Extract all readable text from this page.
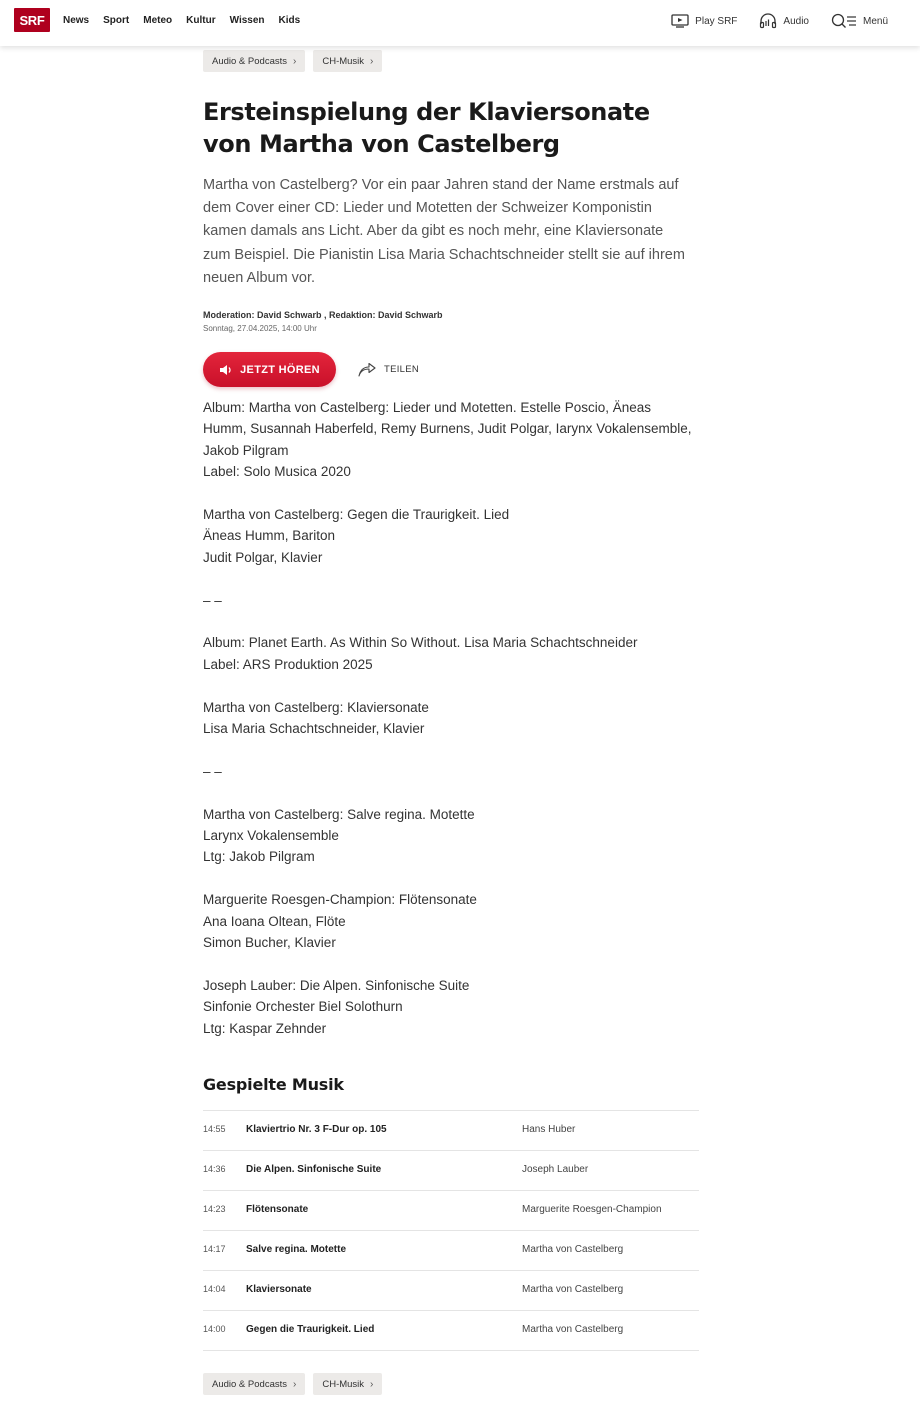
SRF	News Sport Meteo Kultur Wissen Kids	Play SRF	Audio	Menü
Audio & Podcasts ›	CH-Musik ›
Ersteinspielung der Klaviersonate von Martha von Castelberg

Martha von Castelberg? Vor ein paar Jahren stand der Name erstmals auf dem Cover einer CD: Lieder und Motetten der Schweizer Komponistin kamen damals ans Licht. Aber da gibt es noch mehr, eine Klaviersonate zum Beispiel. Die Pianistin Lisa Maria Schachtschneider stellt sie auf ihrem neuen Album vor.

Moderation: David Schwarb , Redaktion: David Schwarb
Sonntag, 27.04.2025, 14:00 Uhr
JETZT HÖREN	TEILEN

Album: Martha von Castelberg: Lieder und Motetten. Estelle Poscio, Äneas Humm, Susannah Haberfeld, Remy Burnens, Judit Polgar, Iarynx Vokalensemble, Jakob Pilgram
Label: Solo Musica 2020

Martha von Castelberg: Gegen die Traurigkeit. Lied
Äneas Humm, Bariton
Judit Polgar, Klavier

– –

Album: Planet Earth. As Within So Without. Lisa Maria Schachtschneider
Label: ARS Produktion 2025

Martha von Castelberg: Klaviersonate
Lisa Maria Schachtschneider, Klavier

– –

Martha von Castelberg: Salve regina. Motette
Larynx Vokalensemble
Ltg: Jakob Pilgram

Marguerite Roesgen-Champion: Flötensonate
Ana Ioana Oltean, Flöte
Simon Bucher, Klavier

Joseph Lauber: Die Alpen. Sinfonische Suite
Sinfonie Orchester Biel Solothurn
Ltg: Kaspar Zehnder

Gespielte Musik
14:55	Klaviertrio Nr. 3 F-Dur op. 105	Hans Huber
14:36	Die Alpen. Sinfonische Suite	Joseph Lauber
14:23	Flötensonate	Marguerite Roesgen-Champion
14:17	Salve regina. Motette	Martha von Castelberg
14:04	Klaviersonate	Martha von Castelberg
14:00	Gegen die Traurigkeit. Lied	Martha von Castelberg
Audio & Podcasts ›	CH-Musik ›
